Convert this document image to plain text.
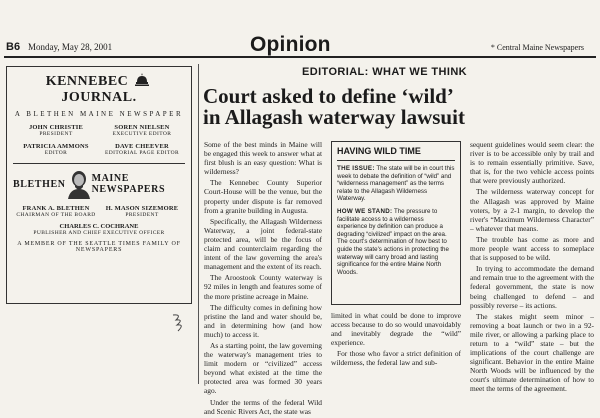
B6 Monday, May 28, 2001	Opinion	* Central Maine Newspapers
KENNEBEC  JOURNAL.
A BLETHEN MAINE NEWSPAPER
JOHN CHRISTIE
PRESIDENT
SOREN NIELSEN
EXECUTIVE EDITOR
PATRICIA AMMONS
EDITOR
DAVE CHEEVER
EDITORIAL PAGE EDITOR
BLETHEN	MAINE NEWSPAPERS
FRANK A. BLETHEN
CHAIRMAN OF THE BOARD
H. MASON SIZEMORE
PRESIDENT
CHARLES C. COCHRANE
PUBLISHER AND CHIEF EXECUTIVE OFFICER
A MEMBER OF THE SEATTLE TIMES FAMILY OF NEWSPAPERS
EDITORIAL: WHAT WE THINK
Court asked to define ‘wild’
in Allagash waterway lawsuit

Some of the best minds in Maine will be engaged this week to answer what at first blush is an easy question: What is wilderness?

The Kennebec County Superior Court-House will be the venue, but the property under dispute is far removed from a granite building in Augusta.

Specifically, the Allagash Wilderness Waterway, a joint federal-state protected area, will be the focus of claim and counterclaim regarding the intent of the law governing the area's management and the extent of its reach.

The Aroostook County waterway is 92 miles in length and features some of the more pristine acreage in Maine.

The difficulty comes in defining how pristine the land and water should be, and in determining how (and how much) to access it.

As a starting point, the law governing the waterway's management tries to limit modern or “civilized” access beyond what existed at the time the protected area was formed 30 years ago.

Under the terms of the federal Wild and Scenic Rivers Act, the state was

HAVING WILD TIME
THE ISSUE: The state will be in court this week to debate the definition of “wild” and “wilderness management” as the terms relate to the Allagash Wilderness Waterway.
HOW WE STAND: The pressure to facilitate access to a wilderness experience by definition can produce a degrading “civilized” impact on the area. The court's determination of how best to guide the state's actions in protecting the waterway will carry broad and lasting significance for the entire Maine North Woods.

limited in what could be done to improve access because to do so would unavoidably and inevitably degrade the “wild” experience.

For those who favor a strict definition of wilderness, the federal law and sub-

sequent guidelines would seem clear: the river is to be accessible only by trail and is to remain essentially primitive. Save, that is, for the two vehicle access points that were previously authorized.

The wilderness waterway concept for the Allagash was approved by Maine voters, by a 2-1 margin, to develop the river's “Maximum Wilderness Character” – whatever that means.

The trouble has come as more and more people want access to someplace that is supposed to be wild.

In trying to accommodate the demand and remain true to the agreement with the federal government, the state is now being challenged to defend – and possibly reverse – its actions.

The stakes might seem minor – removing a boat launch or two in a 92-mile river, or allowing a parking place to return to a “wild” state – but the implications of the court challenge are significant. Behavior in the entire Maine North Woods will be influenced by the court's ultimate determination of how to meet the terms of the agreement.
